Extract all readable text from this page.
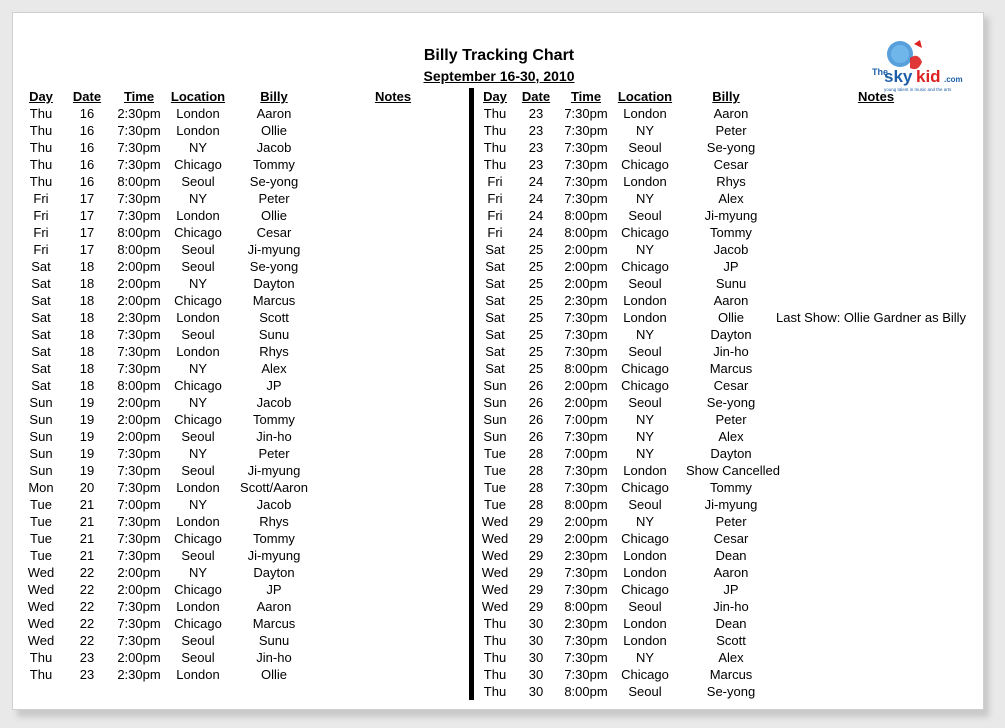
Billy Tracking Chart
September 16-30, 2010	The
sky kid .com
young talent in music and the arts
Day	Date	Time	Location	Billy	Notes	Day	Date	Time	Location	Billy	Notes
Thu	16	2:30pm	London	Aaron
Thu	16	7:30pm	London	Ollie
Thu	16	7:30pm	NY	Jacob
Thu	16	7:30pm	Chicago	Tommy
Thu	16	8:00pm	Seoul	Se-yong
Fri	17	7:30pm	NY	Peter
Fri	17	7:30pm	London	Ollie
Fri	17	8:00pm	Chicago	Cesar
Fri	17	8:00pm	Seoul	Ji-myung
Sat	18	2:00pm	Seoul	Se-yong
Sat	18	2:00pm	NY	Dayton
Sat	18	2:00pm	Chicago	Marcus
Sat	18	2:30pm	London	Scott
Sat	18	7:30pm	Seoul	Sunu
Sat	18	7:30pm	London	Rhys
Sat	18	7:30pm	NY	Alex
Sat	18	8:00pm	Chicago	JP
Sun	19	2:00pm	NY	Jacob
Sun	19	2:00pm	Chicago	Tommy
Sun	19	2:00pm	Seoul	Jin-ho
Sun	19	7:30pm	NY	Peter
Sun	19	7:30pm	Seoul	Ji-myung
Mon	20	7:30pm	London	Scott/Aaron
Tue	21	7:00pm	NY	Jacob
Tue	21	7:30pm	London	Rhys
Tue	21	7:30pm	Chicago	Tommy
Tue	21	7:30pm	Seoul	Ji-myung
Wed	22	2:00pm	NY	Dayton
Wed	22	2:00pm	Chicago	JP
Wed	22	7:30pm	London	Aaron
Wed	22	7:30pm	Chicago	Marcus
Wed	22	7:30pm	Seoul	Sunu
Thu	23	2:00pm	Seoul	Jin-ho
Thu	23	2:30pm	London	Ollie
Thu	23	7:30pm	London	Aaron
Thu	23	7:30pm	NY	Peter
Thu	23	7:30pm	Seoul	Se-yong
Thu	23	7:30pm	Chicago	Cesar
Fri	24	7:30pm	London	Rhys
Fri	24	7:30pm	NY	Alex
Fri	24	8:00pm	Seoul	Ji-myung
Fri	24	8:00pm	Chicago	Tommy
Sat	25	2:00pm	NY	Jacob
Sat	25	2:00pm	Chicago	JP
Sat	25	2:00pm	Seoul	Sunu
Sat	25	2:30pm	London	Aaron
Sat	25	7:30pm	London	Ollie	Last Show: Ollie Gardner as Billy
Sat	25	7:30pm	NY	Dayton
Sat	25	7:30pm	Seoul	Jin-ho
Sat	25	8:00pm	Chicago	Marcus
Sun	26	2:00pm	Chicago	Cesar
Sun	26	2:00pm	Seoul	Se-yong
Sun	26	7:00pm	NY	Peter
Sun	26	7:30pm	NY	Alex
Tue	28	7:00pm	NY	Dayton
Tue	28	7:30pm	London	Show Cancelled
Tue	28	7:30pm	Chicago	Tommy
Tue	28	8:00pm	Seoul	Ji-myung
Wed	29	2:00pm	NY	Peter
Wed	29	2:00pm	Chicago	Cesar
Wed	29	2:30pm	London	Dean
Wed	29	7:30pm	London	Aaron
Wed	29	7:30pm	Chicago	JP
Wed	29	8:00pm	Seoul	Jin-ho
Thu	30	2:30pm	London	Dean
Thu	30	7:30pm	London	Scott
Thu	30	7:30pm	NY	Alex
Thu	30	7:30pm	Chicago	Marcus
Thu	30	8:00pm	Seoul	Se-yong
